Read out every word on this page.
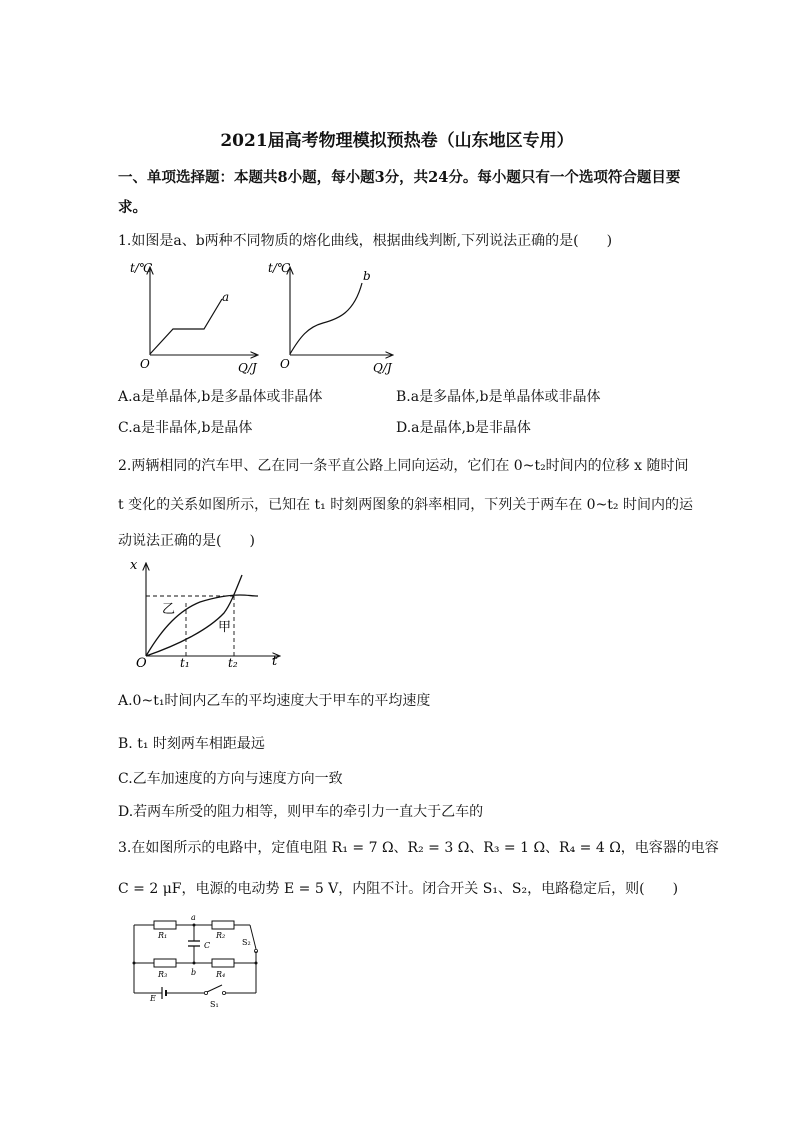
2021届高考物理模拟预热卷（山东地区专用）
一、单项选择题：本题共8小题，每小题3分，共24分。每小题只有一个选项符合题目要
求。
1.如图是a、b两种不同物质的熔化曲线，根据曲线判断,下列说法正确的是(　　)
t/℃
Q/J
O
a
t/℃
Q/J
O
b
A.a是单晶体,b是多晶体或非晶体	B.a是多晶体,b是单晶体或非晶体
C.a是非晶体,b是晶体	D.a是晶体,b是非晶体
2.两辆相同的汽车甲、乙在同一条平直公路上同向运动，它们在 0~t₂时间内的位移 x 随时间
t 变化的关系如图所示，已知在 t₁ 时刻两图象的斜率相同，下列关于两车在 0~t₂ 时间内的运
动说法正确的是(　　)
x
t
O	t₁	t₂
乙
甲
A.0~t₁时间内乙车的平均速度大于甲车的平均速度
B. t₁ 时刻两车相距最远
C.乙车加速度的方向与速度方向一致
D.若两车所受的阻力相等，则甲车的牵引力一直大于乙车的
3.在如图所示的电路中，定值电阻 R₁ = 7 Ω、R₂ = 3 Ω、R₃ = 1 Ω、R₄ = 4 Ω，电容器的电容
C = 2 μF，电源的电动势 E = 5 V，内阻不计。闭合开关 S₁、S₂，电路稳定后，则(　　)
R₁	R₂
R₃	R₄
C
a
b
S₂
S₁
E
